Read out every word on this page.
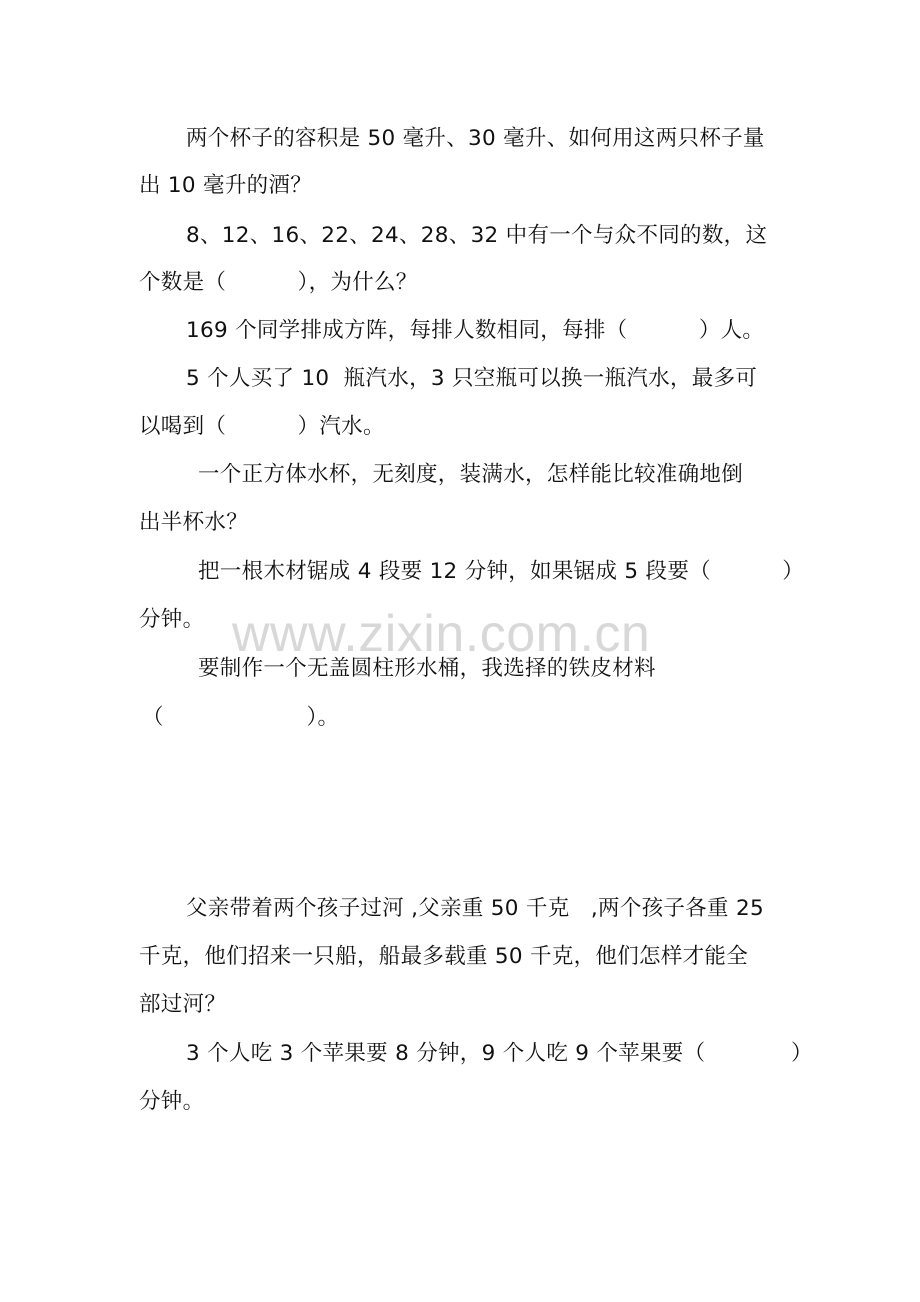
www.zixin.com.cn
两个杯子的容积是 50 毫升、30 毫升、如何用这两只杯子量
出 10 毫升的酒？
8、12、16、22、24、28、32 中有一个与众不同的数，这
个数是（          ），为什么？
169 个同学排成方阵，每排人数相同，每排（          ）人。
5 个人买了 10  瓶汽水，3 只空瓶可以换一瓶汽水，最多可
以喝到（          ）汽水。
一个正方体水杯，无刻度，装满水，怎样能比较准确地倒
出半杯水？
把一根木材锯成 4 段要 12 分钟，如果锯成 5 段要（          ）
分钟。
要制作一个无盖圆柱形水桶，我选择的铁皮材料
（                    ）。
父亲带着两个孩子过河 ,父亲重 50 千克   ,两个孩子各重 25
千克，他们招来一只船，船最多载重 50 千克，他们怎样才能全
部过河？
3 个人吃 3 个苹果要 8 分钟，9 个人吃 9 个苹果要（            ）
分钟。
